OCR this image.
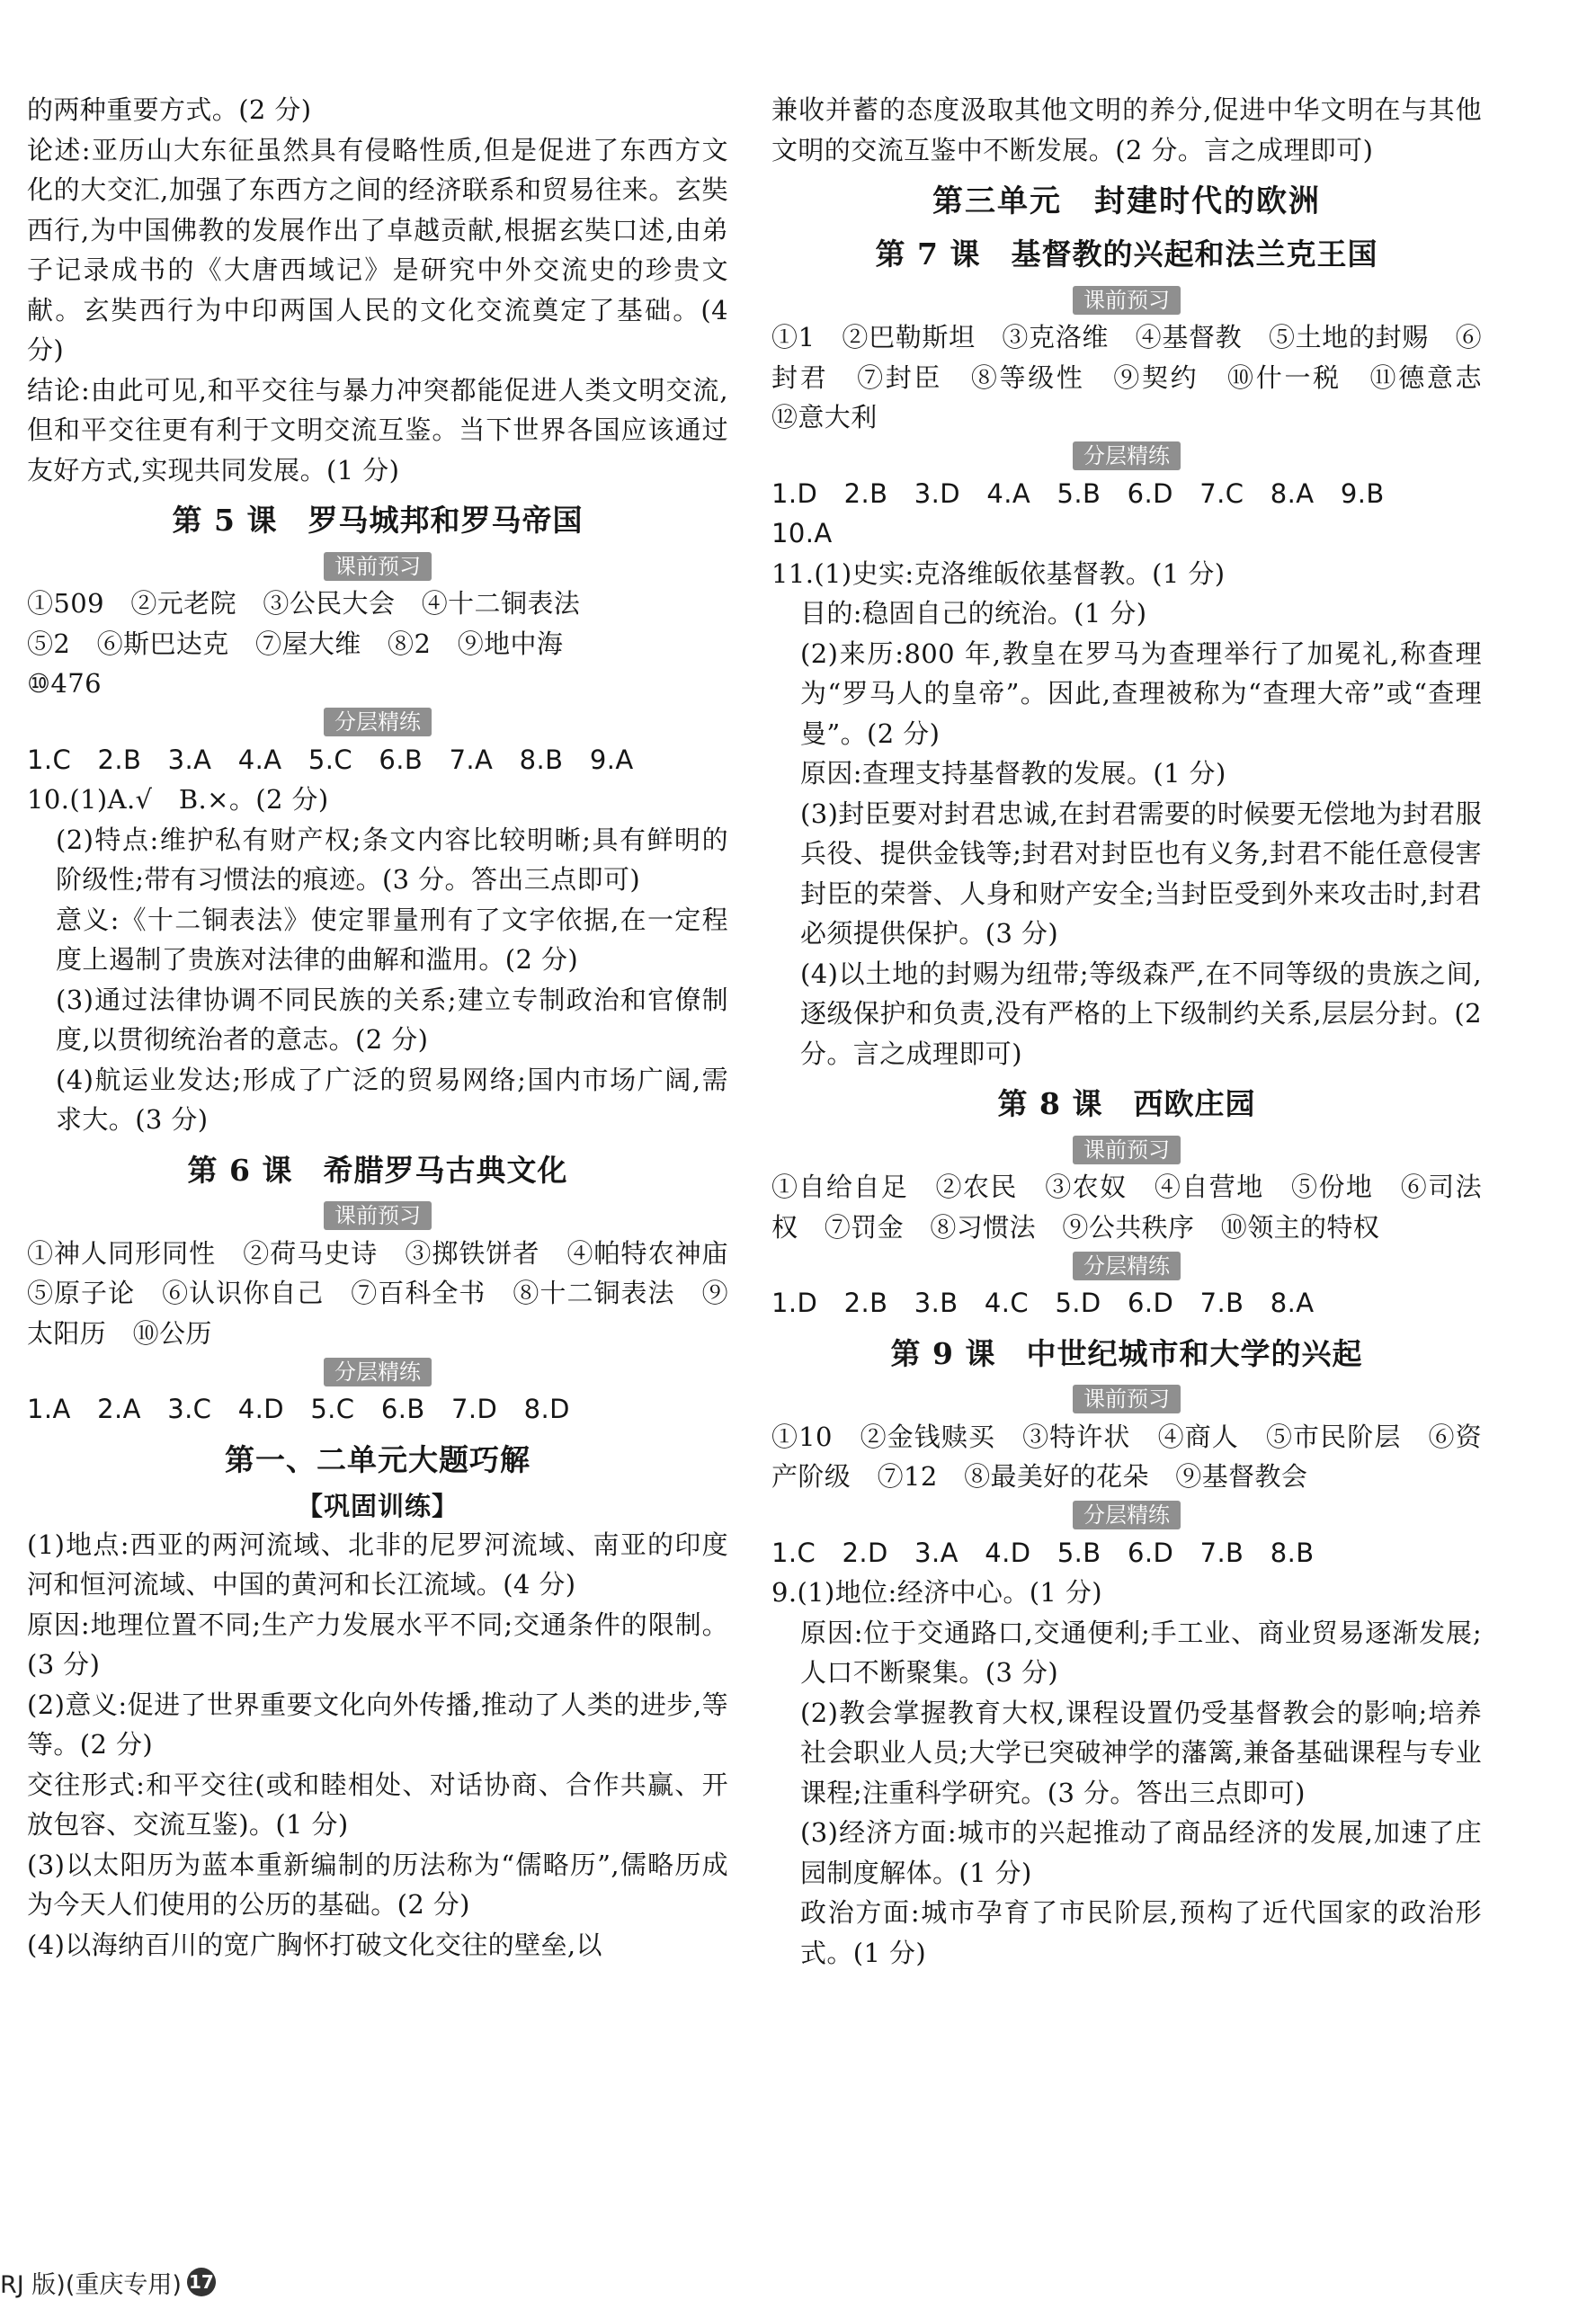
的两种重要方式。(2 分)

论述:亚历山大东征虽然具有侵略性质,但是促进了东西方文化的大交汇,加强了东西方之间的经济联系和贸易往来。玄奘西行,为中国佛教的发展作出了卓越贡献,根据玄奘口述,由弟子记录成书的《大唐西域记》是研究中外交流史的珍贵文献。玄奘西行为中印两国人民的文化交流奠定了基础。(4 分)

结论:由此可见,和平交往与暴力冲突都能促进人类文明交流,但和平交往更有利于文明交流互鉴。当下世界各国应该通过友好方式,实现共同发展。(1 分)

第 5 课　罗马城邦和罗马帝国
课前预习

①509　②元老院　③公民大会　④十二铜表法

⑤2　⑥斯巴达克　⑦屋大维　⑧2　⑨地中海

⑩476

分层精练

1.C　2.B　3.A　4.A　5.C　6.B　7.A　8.B　9.A

10.(1)A.√　B.×。(2 分)

(2)特点:维护私有财产权;条文内容比较明晰;具有鲜明的阶级性;带有习惯法的痕迹。(3 分。答出三点即可)

意义:《十二铜表法》使定罪量刑有了文字依据,在一定程度上遏制了贵族对法律的曲解和滥用。(2 分)

(3)通过法律协调不同民族的关系;建立专制政治和官僚制度,以贯彻统治者的意志。(2 分)

(4)航运业发达;形成了广泛的贸易网络;国内市场广阔,需求大。(3 分)

第 6 课　希腊罗马古典文化
课前预习

①神人同形同性　②荷马史诗　③掷铁饼者　④帕特农神庙　⑤原子论　⑥认识你自己　⑦百科全书　⑧十二铜表法　⑨太阳历　⑩公历

分层精练

1.A　2.A　3.C　4.D　5.C　6.B　7.D　8.D

第一、二单元大题巧解
【巩固训练】

(1)地点:西亚的两河流域、北非的尼罗河流域、南亚的印度河和恒河流域、中国的黄河和长江流域。(4 分)

原因:地理位置不同;生产力发展水平不同;交通条件的限制。(3 分)

(2)意义:促进了世界重要文化向外传播,推动了人类的进步,等等。(2 分)

交往形式:和平交往(或和睦相处、对话协商、合作共赢、开放包容、交流互鉴)。(1 分)

(3)以太阳历为蓝本重新编制的历法称为“儒略历”,儒略历成为今天人们使用的公历的基础。(2 分)

(4)以海纳百川的宽广胸怀打破文化交往的壁垒,以

兼收并蓄的态度汲取其他文明的养分,促进中华文明在与其他文明的交流互鉴中不断发展。(2 分。言之成理即可)

第三单元　封建时代的欧洲
第 7 课　基督教的兴起和法兰克王国
课前预习

①1　②巴勒斯坦　③克洛维　④基督教　⑤土地的封赐　⑥封君　⑦封臣　⑧等级性　⑨契约　⑩什一税　⑪德意志　⑫意大利

分层精练

1.D　2.B　3.D　4.A　5.B　6.D　7.C　8.A　9.B

10.A

11.(1)史实:克洛维皈依基督教。(1 分)

目的:稳固自己的统治。(1 分)

(2)来历:800 年,教皇在罗马为查理举行了加冕礼,称查理为“罗马人的皇帝”。因此,查理被称为“查理大帝”或“查理曼”。(2 分)

原因:查理支持基督教的发展。(1 分)

(3)封臣要对封君忠诚,在封君需要的时候要无偿地为封君服兵役、提供金钱等;封君对封臣也有义务,封君不能任意侵害封臣的荣誉、人身和财产安全;当封臣受到外来攻击时,封君必须提供保护。(3 分)

(4)以土地的封赐为纽带;等级森严,在不同等级的贵族之间,逐级保护和负责,没有严格的上下级制约关系,层层分封。(2 分。言之成理即可)

第 8 课　西欧庄园
课前预习

①自给自足　②农民　③农奴　④自营地　⑤份地　⑥司法权　⑦罚金　⑧习惯法　⑨公共秩序　⑩领主的特权

分层精练

1.D　2.B　3.B　4.C　5.D　6.D　7.B　8.A

第 9 课　中世纪城市和大学的兴起
课前预习

①10　②金钱赎买　③特许状　④商人　⑤市民阶层　⑥资产阶级　⑦12　⑧最美好的花朵　⑨基督教会

分层精练

1.C　2.D　3.A　4.D　5.B　6.D　7.B　8.B

9.(1)地位:经济中心。(1 分)

原因:位于交通路口,交通便利;手工业、商业贸易逐渐发展;人口不断聚集。(3 分)

(2)教会掌握教育大权,课程设置仍受基督教会的影响;培养社会职业人员;大学已突破神学的藩篱,兼备基础课程与专业课程;注重科学研究。(3 分。答出三点即可)

(3)经济方面:城市的兴起推动了商品经济的发展,加速了庄园制度解体。(1 分)

政治方面:城市孕育了市民阶层,预构了近代国家的政治形式。(1 分)

RJ 版)(重庆专用) 17
